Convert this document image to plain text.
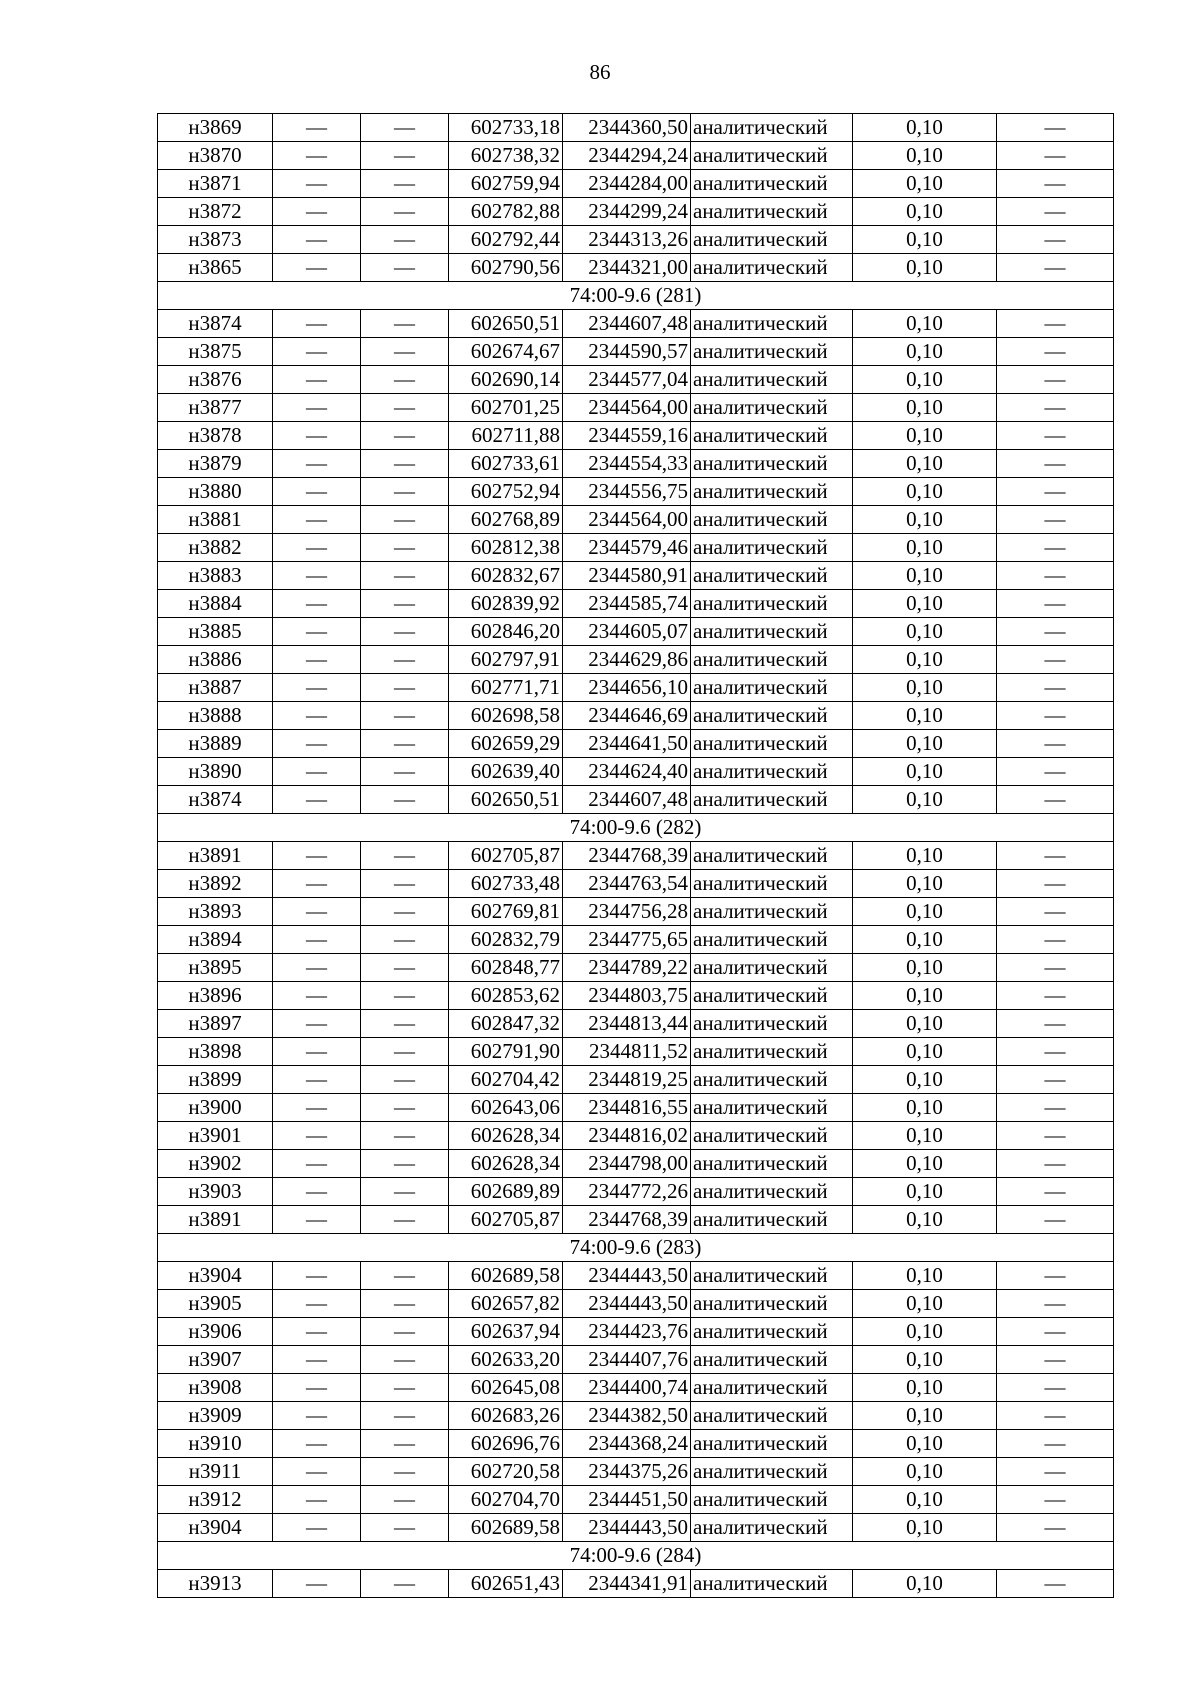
86
н3869	—	—	602733,18	2344360,50	аналитический	0,10	—
н3870	—	—	602738,32	2344294,24	аналитический	0,10	—
н3871	—	—	602759,94	2344284,00	аналитический	0,10	—
н3872	—	—	602782,88	2344299,24	аналитический	0,10	—
н3873	—	—	602792,44	2344313,26	аналитический	0,10	—
н3865	—	—	602790,56	2344321,00	аналитический	0,10	—
74:00-9.6 (281)							
н3874	—	—	602650,51	2344607,48	аналитический	0,10	—
н3875	—	—	602674,67	2344590,57	аналитический	0,10	—
н3876	—	—	602690,14	2344577,04	аналитический	0,10	—
н3877	—	—	602701,25	2344564,00	аналитический	0,10	—
н3878	—	—	602711,88	2344559,16	аналитический	0,10	—
н3879	—	—	602733,61	2344554,33	аналитический	0,10	—
н3880	—	—	602752,94	2344556,75	аналитический	0,10	—
н3881	—	—	602768,89	2344564,00	аналитический	0,10	—
н3882	—	—	602812,38	2344579,46	аналитический	0,10	—
н3883	—	—	602832,67	2344580,91	аналитический	0,10	—
н3884	—	—	602839,92	2344585,74	аналитический	0,10	—
н3885	—	—	602846,20	2344605,07	аналитический	0,10	—
н3886	—	—	602797,91	2344629,86	аналитический	0,10	—
н3887	—	—	602771,71	2344656,10	аналитический	0,10	—
н3888	—	—	602698,58	2344646,69	аналитический	0,10	—
н3889	—	—	602659,29	2344641,50	аналитический	0,10	—
н3890	—	—	602639,40	2344624,40	аналитический	0,10	—
н3874	—	—	602650,51	2344607,48	аналитический	0,10	—
74:00-9.6 (282)							
н3891	—	—	602705,87	2344768,39	аналитический	0,10	—
н3892	—	—	602733,48	2344763,54	аналитический	0,10	—
н3893	—	—	602769,81	2344756,28	аналитический	0,10	—
н3894	—	—	602832,79	2344775,65	аналитический	0,10	—
н3895	—	—	602848,77	2344789,22	аналитический	0,10	—
н3896	—	—	602853,62	2344803,75	аналитический	0,10	—
н3897	—	—	602847,32	2344813,44	аналитический	0,10	—
н3898	—	—	602791,90	2344811,52	аналитический	0,10	—
н3899	—	—	602704,42	2344819,25	аналитический	0,10	—
н3900	—	—	602643,06	2344816,55	аналитический	0,10	—
н3901	—	—	602628,34	2344816,02	аналитический	0,10	—
н3902	—	—	602628,34	2344798,00	аналитический	0,10	—
н3903	—	—	602689,89	2344772,26	аналитический	0,10	—
н3891	—	—	602705,87	2344768,39	аналитический	0,10	—
74:00-9.6 (283)							
н3904	—	—	602689,58	2344443,50	аналитический	0,10	—
н3905	—	—	602657,82	2344443,50	аналитический	0,10	—
н3906	—	—	602637,94	2344423,76	аналитический	0,10	—
н3907	—	—	602633,20	2344407,76	аналитический	0,10	—
н3908	—	—	602645,08	2344400,74	аналитический	0,10	—
н3909	—	—	602683,26	2344382,50	аналитический	0,10	—
н3910	—	—	602696,76	2344368,24	аналитический	0,10	—
н3911	—	—	602720,58	2344375,26	аналитический	0,10	—
н3912	—	—	602704,70	2344451,50	аналитический	0,10	—
н3904	—	—	602689,58	2344443,50	аналитический	0,10	—
74:00-9.6 (284)							
н3913	—	—	602651,43	2344341,91	аналитический	0,10	—
